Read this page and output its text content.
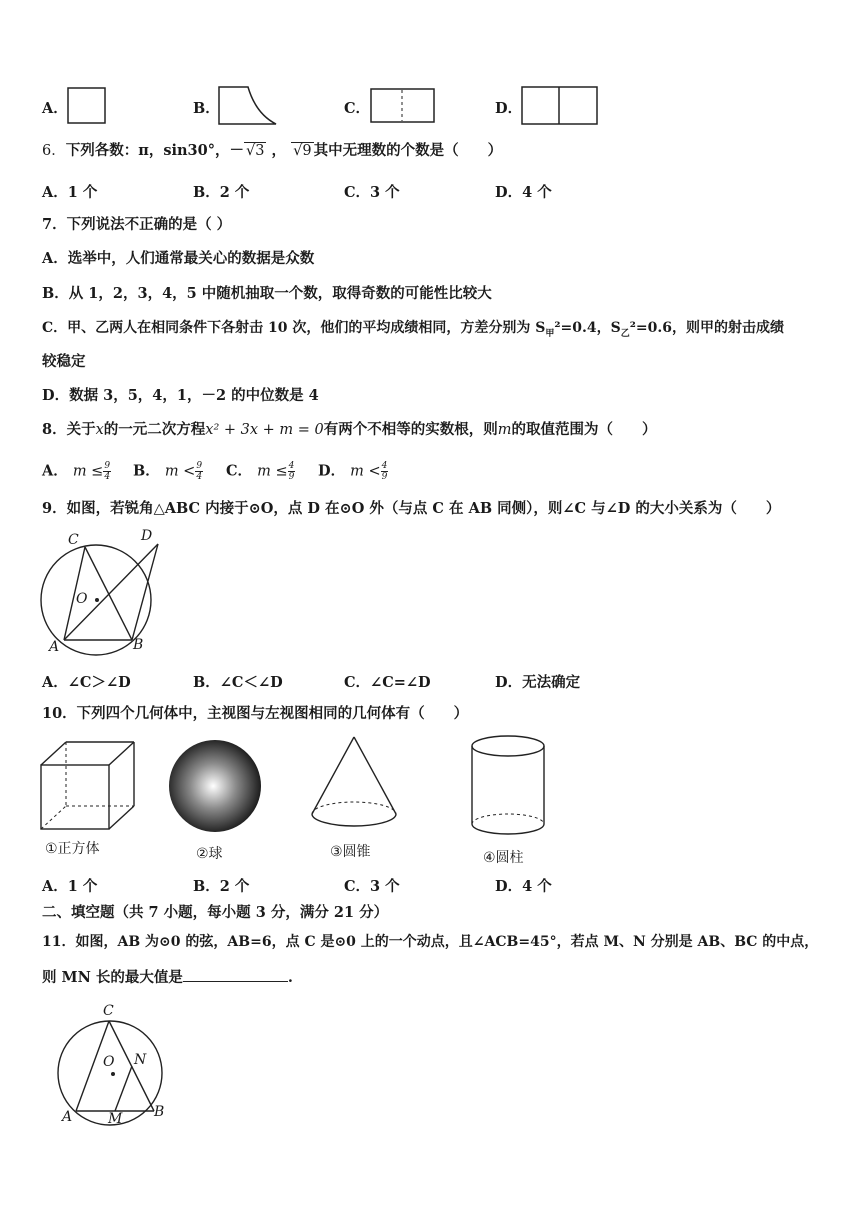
A．	B．	C．	D．
6．下列各数：π，sin30°，－ √3 ， √9 其中无理数的个数是（　　）
A．1 个	B．2 个	C．3 个	D．4 个
7．下列说法不正确的是（ ）
A．选举中，人们通常最关心的数据是众数
B．从 1，2，3，4，5 中随机抽取一个数，取得奇数的可能性比较大
C．甲、乙两人在相同条件下各射击 10 次，他们的平均成绩相同，方差分别为 $S_甲^2=0.4$，$S_乙^2=0.6$，则甲的射击成绩
较稳定
D．数据 3，5，4，1，－2 的中位数是 4
8．关于x的一元二次方程x² + 3x + m = 0有两个不相等的实数根，则m的取值范围为（　　）
A． $m \le \frac{9}{4}$ B． $m < \frac{9}{4}$ C． $m \le \frac{4}{9}$ D． $m < \frac{4}{9}$
9．如图，若锐角△ABC 内接于⊙O，点 D 在⊙O 外（与点 C 在 AB 同侧），则∠C 与∠D 的大小关系为（　　）
C	D
O
A	B
A．∠C＞∠D	B．∠C＜∠D	C．∠C=∠D	D．无法确定
10．下列四个几何体中，主视图与左视图相同的几何体有（　　）
①正方体	②球	③圆锥	④圆柱
A．1 个	B．2 个	C．3 个	D．4 个
二、填空题（共 7 小题，每小题 3 分，满分 21 分）
11．如图，AB 为⊙0 的弦，AB=6，点 C 是⊙0 上的一个动点，且∠ACB=45°，若点 M、N 分别是 AB、BC 的中点，
则 MN 长的最大值是	.
C
O N
A	M B
